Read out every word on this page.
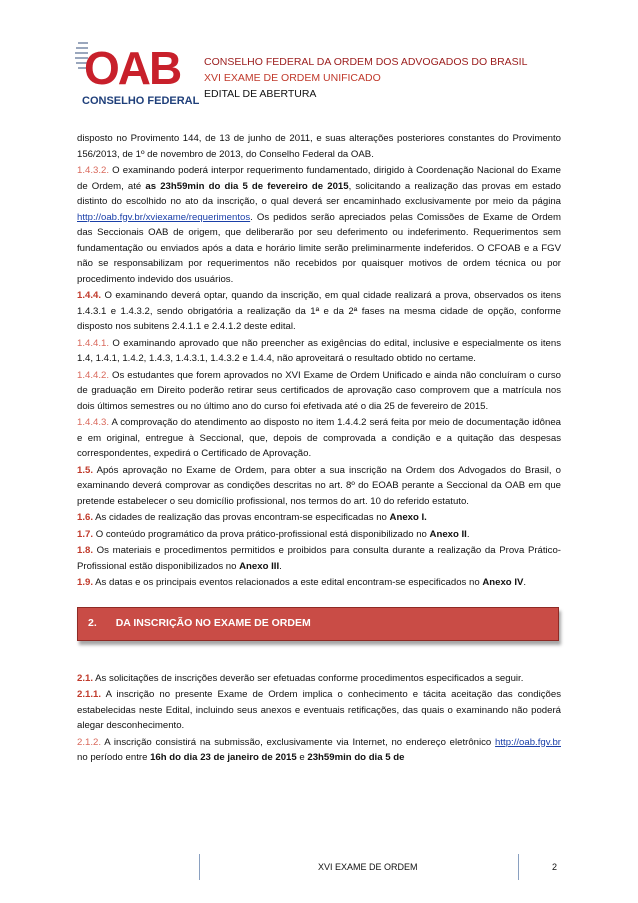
OAB
CONSELHO FEDERAL
CONSELHO FEDERAL DA ORDEM DOS ADVOGADOS DO BRASIL
XVI EXAME DE ORDEM UNIFICADO
EDITAL DE ABERTURA

disposto no Provimento 144, de 13 de junho de 2011, e suas alterações posteriores constantes do Provimento 156/2013, de 1º de novembro de 2013, do Conselho Federal da OAB.

1.4.3.2. O examinando poderá interpor requerimento fundamentado, dirigido à Coordenação Nacional do Exame de Ordem, até as 23h59min do dia 5 de fevereiro de 2015, solicitando a realização das provas em estado distinto do escolhido no ato da inscrição, o qual deverá ser encaminhado exclusivamente por meio da página http://oab.fgv.br/xviexame/requerimentos. Os pedidos serão apreciados pelas Comissões de Exame de Ordem das Seccionais OAB de origem, que deliberarão por seu deferimento ou indeferimento. Requerimentos sem fundamentação ou enviados após a data e horário limite serão preliminarmente indeferidos. O CFOAB e a FGV não se responsabilizam por requerimentos não recebidos por quaisquer motivos de ordem técnica ou por procedimento indevido dos usuários.

1.4.4. O examinando deverá optar, quando da inscrição, em qual cidade realizará a prova, observados os itens 1.4.3.1 e 1.4.3.2, sendo obrigatória a realização da 1ª e da 2ª fases na mesma cidade de opção, conforme disposto nos subitens 2.4.1.1 e 2.4.1.2 deste edital.

1.4.4.1. O examinando aprovado que não preencher as exigências do edital, inclusive e especialmente os itens 1.4, 1.4.1, 1.4.2, 1.4.3, 1.4.3.1, 1.4.3.2 e 1.4.4, não aproveitará o resultado obtido no certame.

1.4.4.2. Os estudantes que forem aprovados no XVI Exame de Ordem Unificado e ainda não concluíram o curso de graduação em Direito poderão retirar seus certificados de aprovação caso comprovem que a matrícula nos dois últimos semestres ou no último ano do curso foi efetivada até o dia 25 de fevereiro de 2015.

1.4.4.3. A comprovação do atendimento ao disposto no item 1.4.4.2 será feita por meio de documentação idônea e em original, entregue à Seccional, que, depois de comprovada a condição e a quitação das despesas correspondentes, expedirá o Certificado de Aprovação.

1.5. Após aprovação no Exame de Ordem, para obter a sua inscrição na Ordem dos Advogados do Brasil, o examinando deverá comprovar as condições descritas no art. 8º do EOAB perante a Seccional da OAB em que pretende estabelecer o seu domicílio profissional, nos termos do art. 10 do referido estatuto.

1.6. As cidades de realização das provas encontram-se especificadas no Anexo I.

1.7. O conteúdo programático da prova prático-profissional está disponibilizado no Anexo II.

1.8. Os materiais e procedimentos permitidos e proibidos para consulta durante a realização da Prova Prático-Profissional estão disponibilizados no Anexo III.

1.9. As datas e os principais eventos relacionados a este edital encontram-se especificados no Anexo IV.

2. DA INSCRIÇÃO NO EXAME DE ORDEM

2.1. As solicitações de inscrições deverão ser efetuadas conforme procedimentos especificados a seguir.

2.1.1. A inscrição no presente Exame de Ordem implica o conhecimento e tácita aceitação das condições estabelecidas neste Edital, incluindo seus anexos e eventuais retificações, das quais o examinando não poderá alegar desconhecimento.

2.1.2. A inscrição consistirá na submissão, exclusivamente via Internet, no endereço eletrônico http://oab.fgv.br no período entre 16h do dia 23 de janeiro de 2015 e 23h59min do dia 5 de

XVI EXAME DE ORDEM	2
